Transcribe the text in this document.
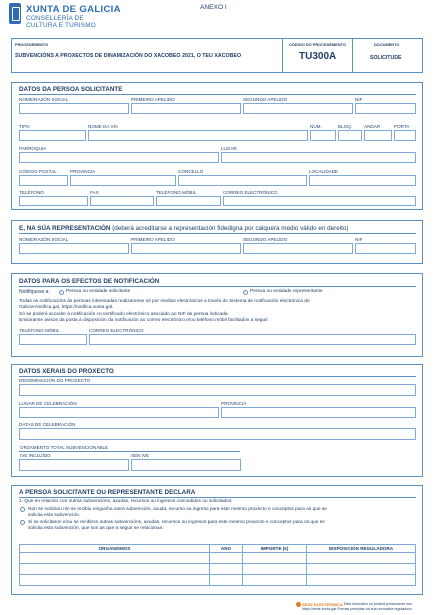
XUNTA DE GALICIA
CONSELLERÍA DE
CULTURA E TURISMO
ANEXO I
PROCEDEMENTO
SUBVENCIÓNS A PROXECTOS DE DINAMIZACIÓN DO XACOBEO 2021, O TEU XACOBEO
CÓDIGO DO PROCEDEMENTO
TU300A
DOCUMENTO
SOLICITUDE
DATOS DA PERSOA SOLICITANTE
NOME/RAZÓN SOCIAL	PRIMEIRO APELIDO	SEGUNDO APELIDO	NIF
TIPO	NOME DA VÍA	NÚM.	BLOQ.	ANDAR	PORTA
PARROQUIA	LUGAR
CÓDIGO POSTAL	PROVINCIA	CONCELLO	LOCALIDADE
TELÉFONO	FAX	TELÉFONO MÓBIL	CORREO ELECTRÓNICO
E, NA SÚA REPRESENTACIÓN (deberá acreditarse a representación fidedigna por calquera medio válido en dereito)
NOME/RAZÓN SOCIAL	PRIMEIRO APELIDO	SEGUNDO APELIDO	NIF
DATOS PARA OS EFECTOS DE NOTIFICACIÓN
Notifíquese a:	Persoa ou entidade solicitante	Persoa ou entidade representante
Todas as notificacións ás persoas interesadas realizaranse só por medios electrónicos a través do Sistema de notificación electrónica de
Galicia-Notifica.gal, https://notifica.xunta.gal.
Só se poderá acceder á notificación co certificado electrónico asociado ao NIF da persoa indicada.
Enviaranse avisos da posta á disposición da notificación ao correo electrónico e/ou teléfono móbil facilitados a seguir:
TELÉFONO MÓBIL	CORREO ELECTRÓNICO
DATOS XERAIS DO PROXECTO
DENOMINACIÓN DO PROXECTO
LUGAR DE CELEBRACIÓN	PROVINCIA
DATAS DE CELEBRACIÓN
ORZAMENTO TOTAL SUBVENCIONABLE
IVE INCLUÍDO	SEN IVE
A PERSOA SOLICITANTE OU REPRESENTANTE DECLARA
1. Que en relación con outras subvencións, axudas, recursos ou ingresos concedidos ou solicitados:
Non se solicitou nin se recibiu ningunha outra subvención, axuda, recurso ou ingreso para este mesmo proxecto e conceptos para os que se
solicita esta subvención.
Si se solicitaron e/ou se recibiron outras subvencións, axudas, recursos ou ingresos para este mesmo proxecto e conceptos para os que se
solicita esta subvención, que son as que a seguir se relacionan:
ORGANISMOS	ANO	IMPORTE (€)	DISPOSICIÓN REGULADORA

SEDE ELECTRÓNICA Este formulario só poderá presentarse nes
https://sede.xunta.gal Formas previstas na súa normativa reguladora
